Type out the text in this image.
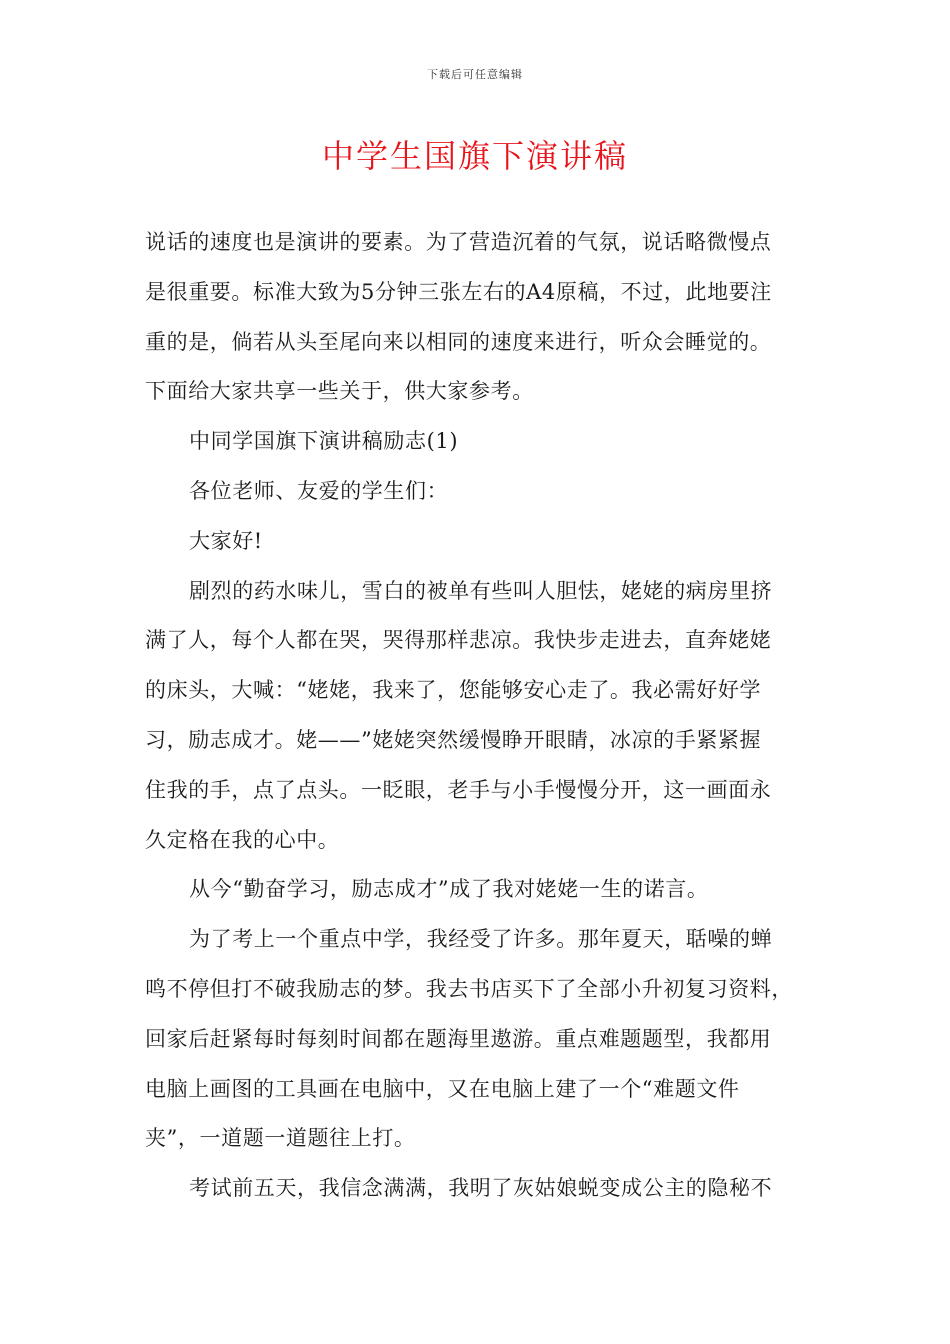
下载后可任意编辑
中学生国旗下演讲稿

说话的速度也是演讲的要素。为了营造沉着的气氛，说话略微慢点
是很重要。标准大致为5分钟三张左右的A4原稿，不过，此地要注
重的是，倘若从头至尾向来以相同的速度来进行，听众会睡觉的。
下面给大家共享一些关于，供大家参考。

中同学国旗下演讲稿励志(1)

各位老师、友爱的学生们：

大家好!

剧烈的药水味儿，雪白的被单有些叫人胆怯，姥姥的病房里挤
满了人，每个人都在哭，哭得那样悲凉。我快步走进去，直奔姥姥
的床头，大喊：“姥姥，我来了，您能够安心走了。我必需好好学
习，励志成才。姥——”姥姥突然缓慢睁开眼睛，冰凉的手紧紧握
住我的手，点了点头。一眨眼，老手与小手慢慢分开，这一画面永
久定格在我的心中。

从今“勤奋学习，励志成才”成了我对姥姥一生的诺言。

为了考上一个重点中学，我经受了许多。那年夏天，聒噪的蝉
鸣不停但打不破我励志的梦。我去书店买下了全部小升初复习资料，
回家后赶紧每时每刻时间都在题海里遨游。重点难题题型，我都用
电脑上画图的工具画在电脑中，又在电脑上建了一个“难题文件
夹”，一道题一道题往上打。

考试前五天，我信念满满，我明了灰姑娘蜕变成公主的隐秘不
